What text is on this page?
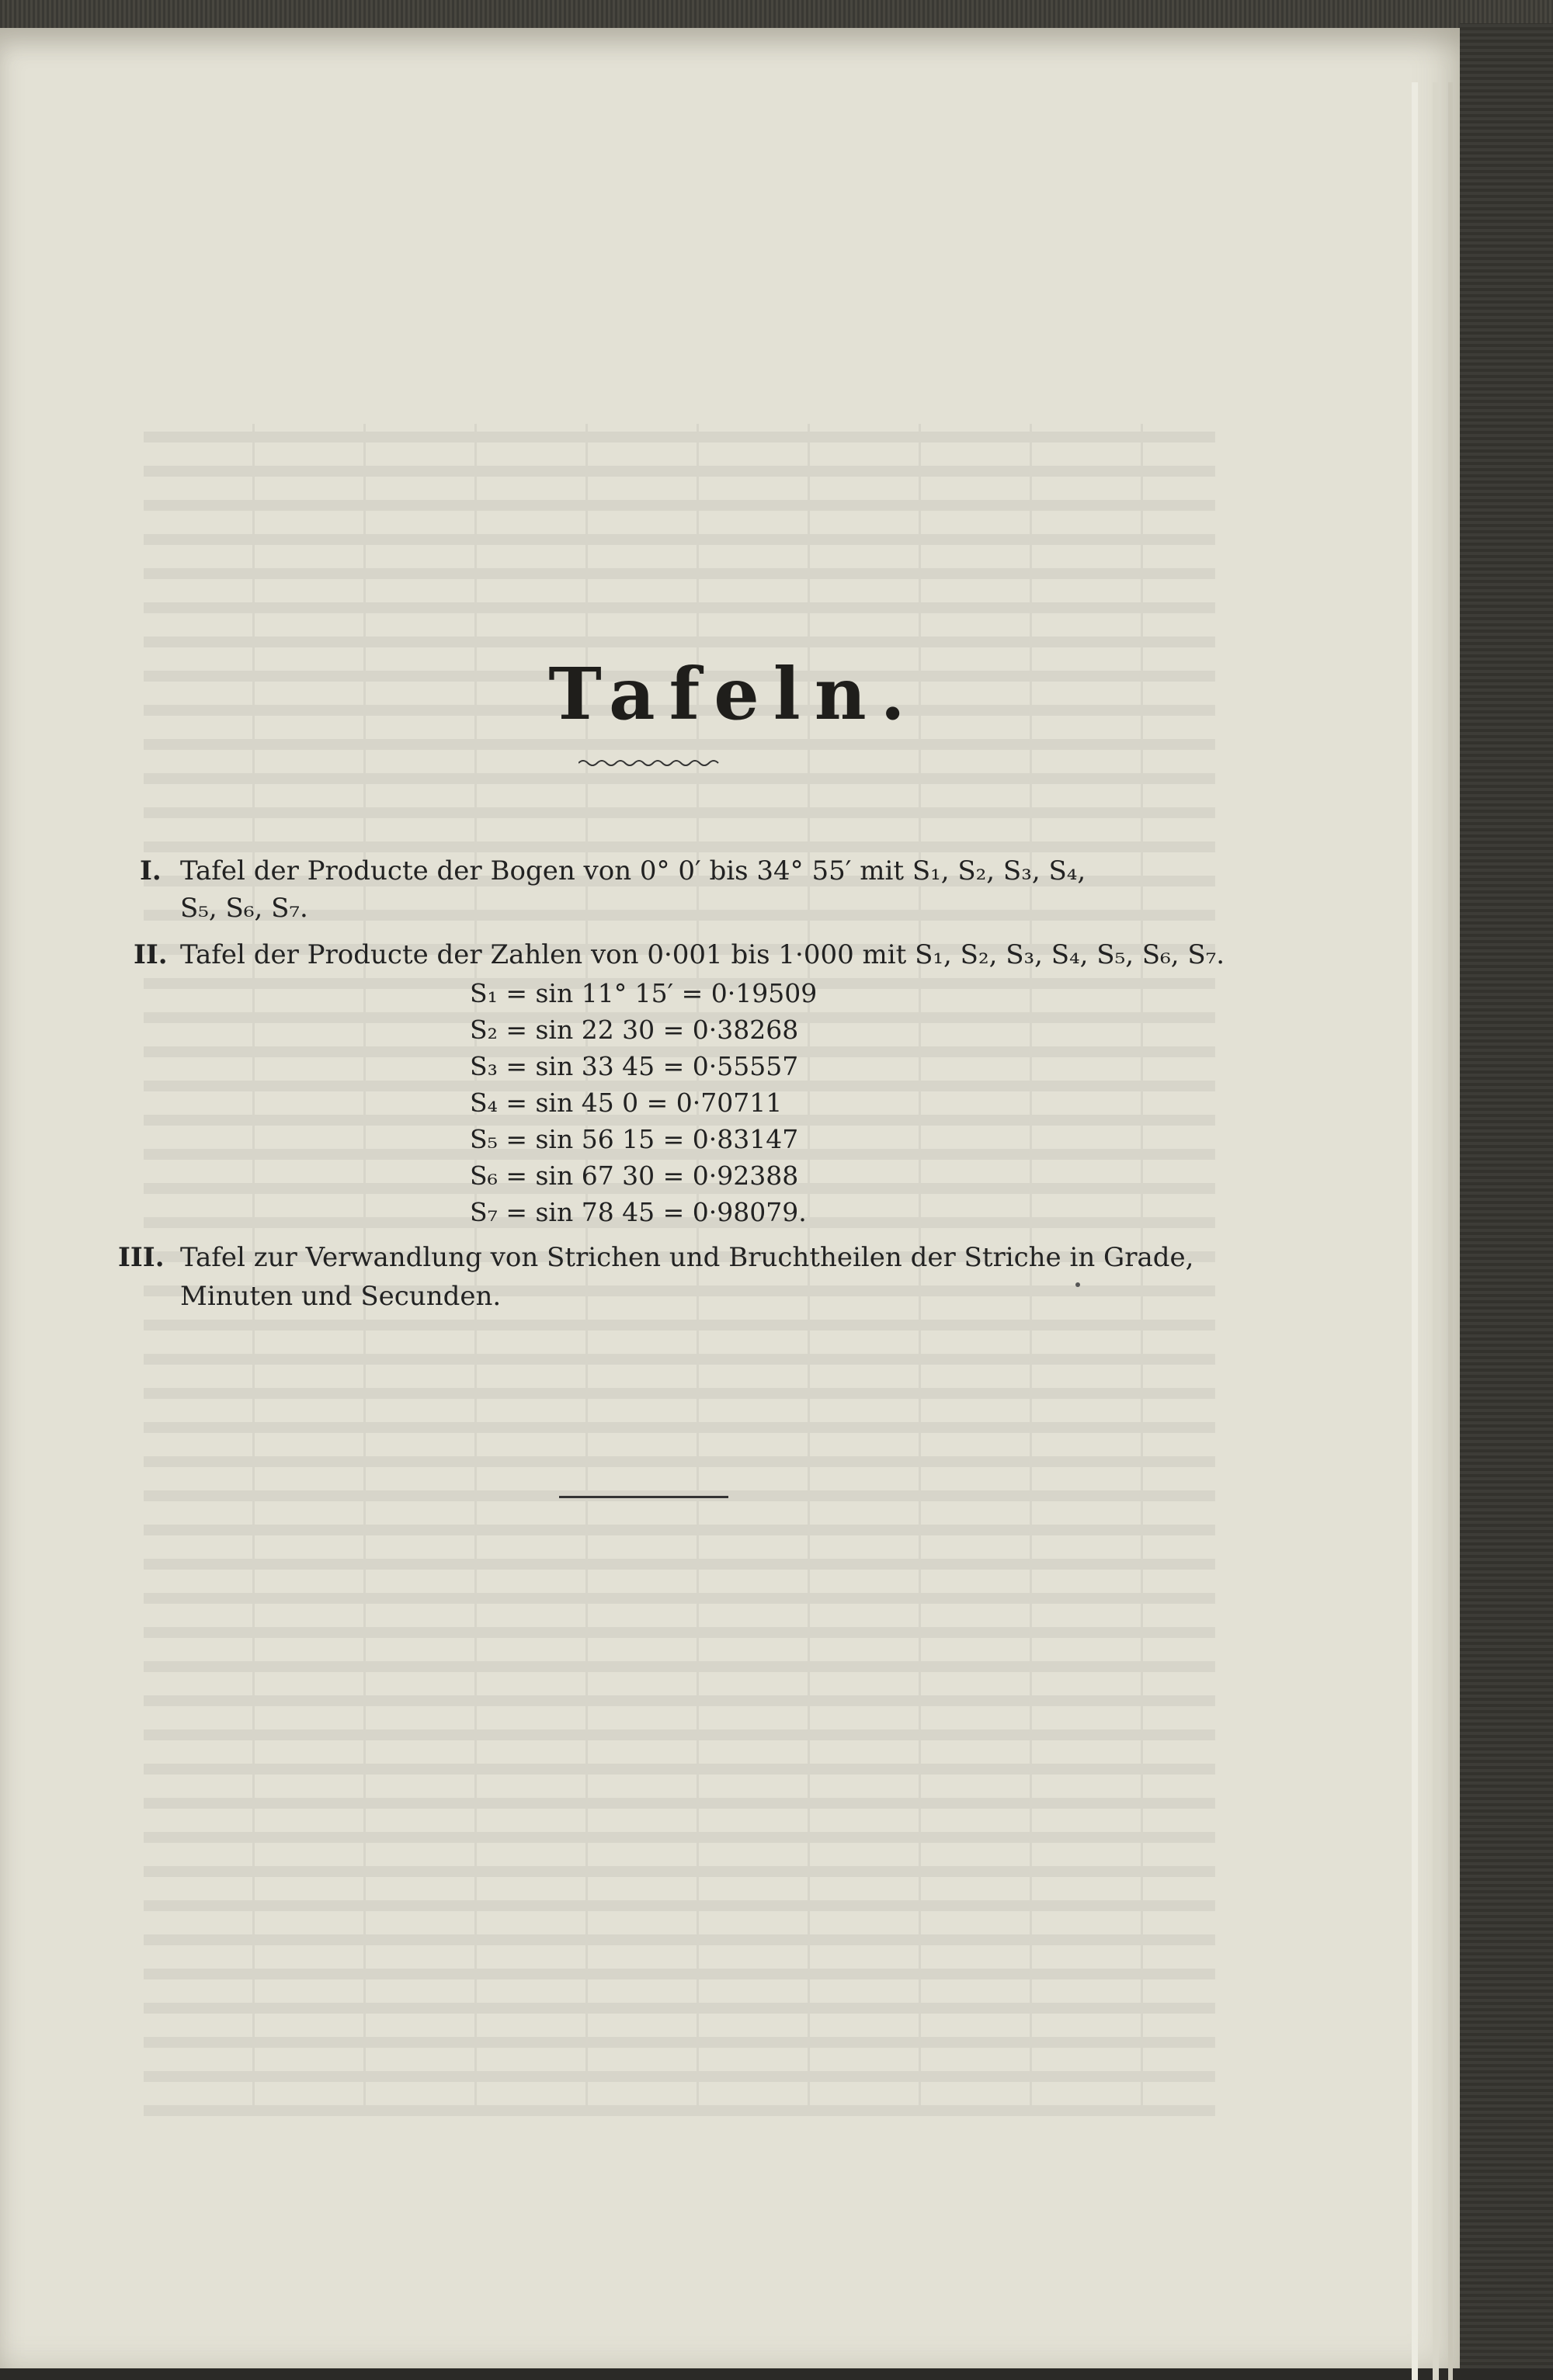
Tafeln.
I. Tafel der Producte der Bogen von 0° 0′ bis 34° 55′ mit S₁, S₂, S₃, S₄,
S₅, S₆, S₇.
II. Tafel der Producte der Zahlen von 0·001 bis 1·000 mit S₁, S₂, S₃, S₄, S₅, S₆, S₇.
S₁ = sin 11° 15′ = 0·19509
S₂ = sin 22 30 = 0·38268
S₃ = sin 33 45 = 0·55557
S₄ = sin 45 0 = 0·70711
S₅ = sin 56 15 = 0·83147
S₆ = sin 67 30 = 0·92388
S₇ = sin 78 45 = 0·98079.
III. Tafel zur Verwandlung von Strichen und Bruchtheilen der Striche in Grade,
Minuten und Secunden.
